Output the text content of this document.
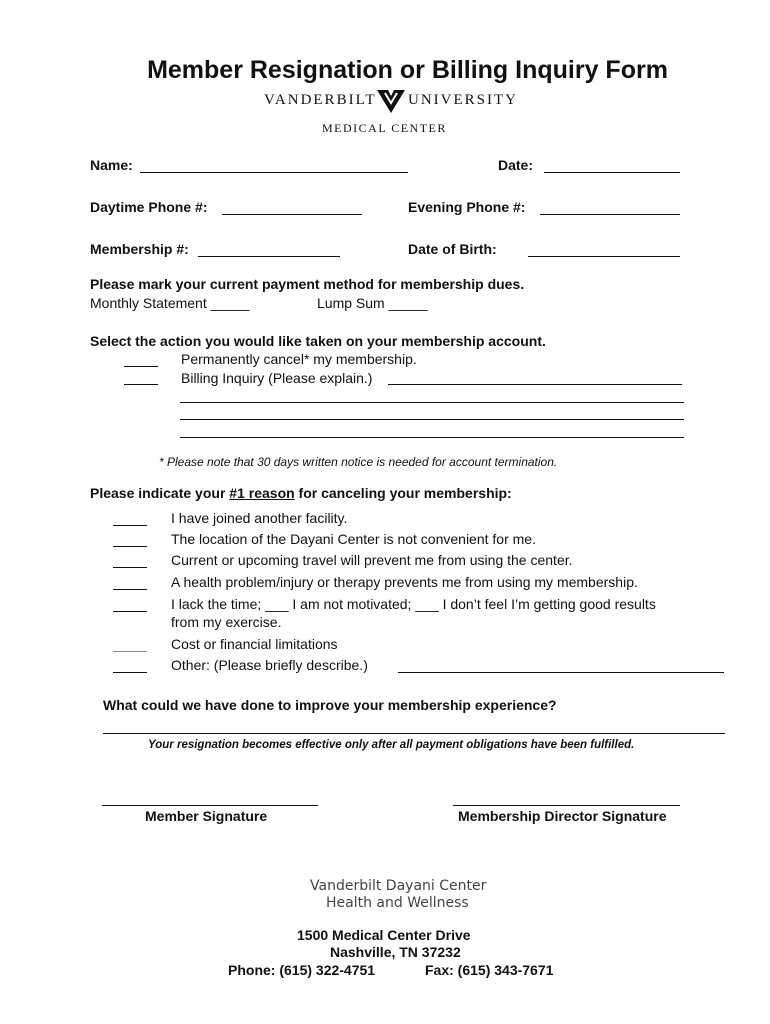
Member Resignation or Billing Inquiry Form
VANDERBILT UNIVERSITY
MEDICAL CENTER
Name:	Date:
Daytime Phone #:	Evening Phone #:
Membership #:	Date of Birth:
Please mark your current payment method for membership dues.
Monthly Statement _____	Lump Sum _____
Select the action you would like taken on your membership account.
Permanently cancel* my membership.
Billing Inquiry (Please explain.)
* Please note that 30 days written notice is needed for account termination.
Please indicate your #1 reason for canceling your membership:
I have joined another facility.
The location of the Dayani Center is not convenient for me.
Current or upcoming travel will prevent me from using the center.
A health problem/injury or therapy prevents me from using my membership.
I lack the time; ___ I am not motivated; ___ I don’t feel I’m getting good results
from my exercise.
Cost or financial limitations
Other: (Please briefly describe.)
What could we have done to improve your membership experience?
Your resignation becomes effective only after all payment obligations have been fulfilled.
Member Signature	Membership Director Signature
Vanderbilt Dayani Center
Health and Wellness
1500 Medical Center Drive
Nashville, TN 37232
Phone: (615) 322-4751	Fax: (615) 343-7671
